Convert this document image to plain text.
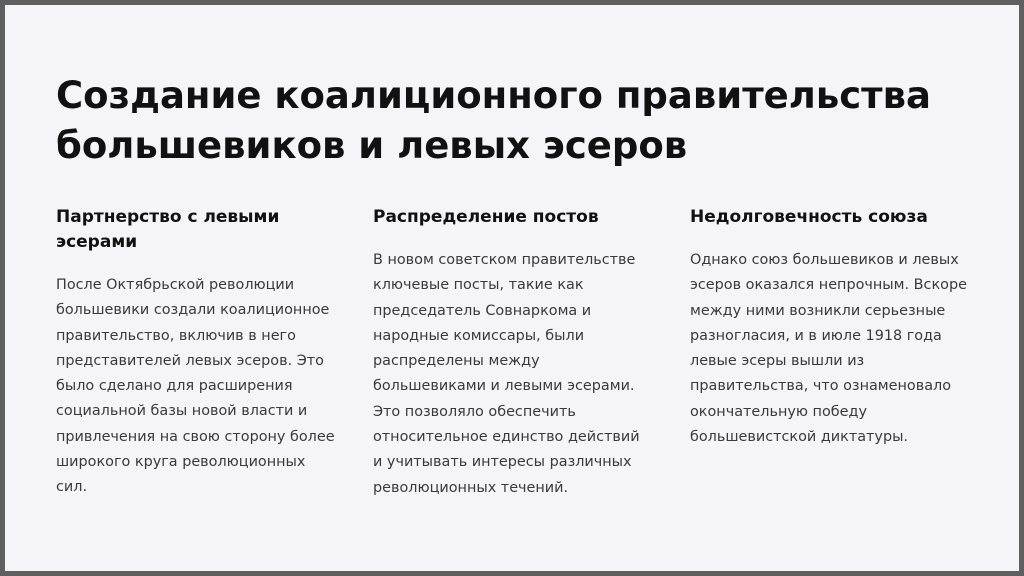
Создание коалиционного правительства большевиков и левых эсеров
Партнерство с левыми эсерами

После Октябрьской революции большевики создали коалиционное правительство, включив в него представителей левых эсеров. Это было сделано для расширения социальной базы новой власти и привлечения на свою сторону более широкого круга революционных сил.

Распределение постов

В новом советском правительстве ключевые посты, такие как председатель Совнаркома и народные комиссары, были распределены между большевиками и левыми эсерами. Это позволяло обеспечить относительное единство действий и учитывать интересы различных революционных течений.

Недолговечность союза

Однако союз большевиков и левых эсеров оказался непрочным. Вскоре между ними возникли серьезные разногласия, и в июле 1918 года левые эсеры вышли из правительства, что ознаменовало окончательную победу большевистской диктатуры.
